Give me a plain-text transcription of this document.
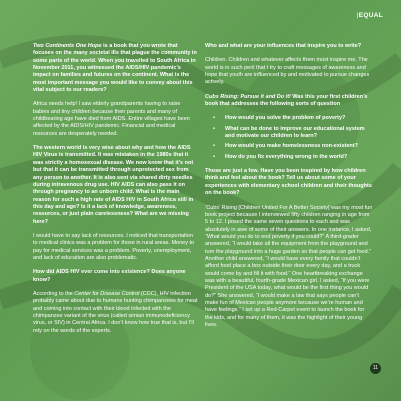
|EQUAL

Two Continents One Hope is a book that you wrote that focuses on the many societal ills that plague the community in some parts of the world. When you travelled to South Africa in November 2011, you witnessed the AIDS/HIV pandemic’s impact on families and futures on the continent. What is the most important message you would like to convey about this vital subject to our readers?

Africa needs help! I saw elderly grandparents having to raise babies and tiny children because their parents and many of childbearing age have died from AIDS. Entire villages have been affected by the AIDS/HIV pandemic. Financial and medical resources are desperately needed.

The western world is very wise about why and how the AIDS HIV Virus is transmitted. It was mistaken in the 1980s that it was strictly a homosexual disease. We now know that it’s not but that it can be transmitted through unprotected sex from any person to another. It is also sent via shared dirty needles during intravenous drug use. HIV AIDS can also pass it on through pregnancy to an unborn child. What is the main reason for such a high rate of AIDS HIV in South Africa still in this day and age? Is it a lack of knowledge, awareness, resources, or just plain carelessness? What are we missing here?

I would have to say lack of resources. I noticed that transportation to medical clinics was a problem for those in rural areas. Money to pay for medical services was a problem. Poverty, unemployment, and lack of education are also problematic.

How did AIDS HIV ever come into existence? Does anyone know?

According to the Center for Disease Control (CDC), HIV infection probably came about due to humans hunting chimpanzees for meat and coming into contact with their blood infected with the chimpanzee variant of the virus (called simian immunodeficiency virus, or SIV) in Central Africa. I don’t know how true that is, but I’ll rely on the words of the experts.

Who and what are your influences that inspire you to write?

Children. Children and whatever affects them most inspire me. The world is in such peril that I try to craft messages of awareness and hope that youth are influenced by and motivated to pursue changes actively.

Cubs Rising: Pursue it and Do it! Was this your first children’s book that addresses the following sorts of question

• How would you solve the problem of poverty?
• What can be done to improve our educational system and motivate our children to learn?
• How would you make homelessness non-existent?
• How do you fix everything wrong in the world?

Those are just a few. Have you been inspired by how children think and feel about the book? Tell us about some of your experiences with elementary school children and their thoughts on the book?

‘Cubs’ Rising [Children United For A Better Society] was my most fun book project because I interviewed fifty children ranging in age from 5 to 12. I posed the same seven questions to each and was absolutely in awe of some of their answers. In one instance, I asked, “What would you do to end poverty if you could?” A third-grader answered, “I would take all the equipment from the playground and turn the playground into a huge garden so that people can get food.” Another child answered, “I would have every family that couldn’t afford food place a box outside their door every day, and a truck would come by and fill it with food.” One heartbreaking exchange was with a beautiful, fourth-grade Mexican girl. I asked, “If you were President of the USA today, what would be the first thing you would do?” She answered, “I would make a law that says people can’t make fun of Mexican people anymore because we’re human and have feelings.” I set up a Red-Carpet event to launch the book for the kids, and for many of them, it was the highlight of their young lives.

11
